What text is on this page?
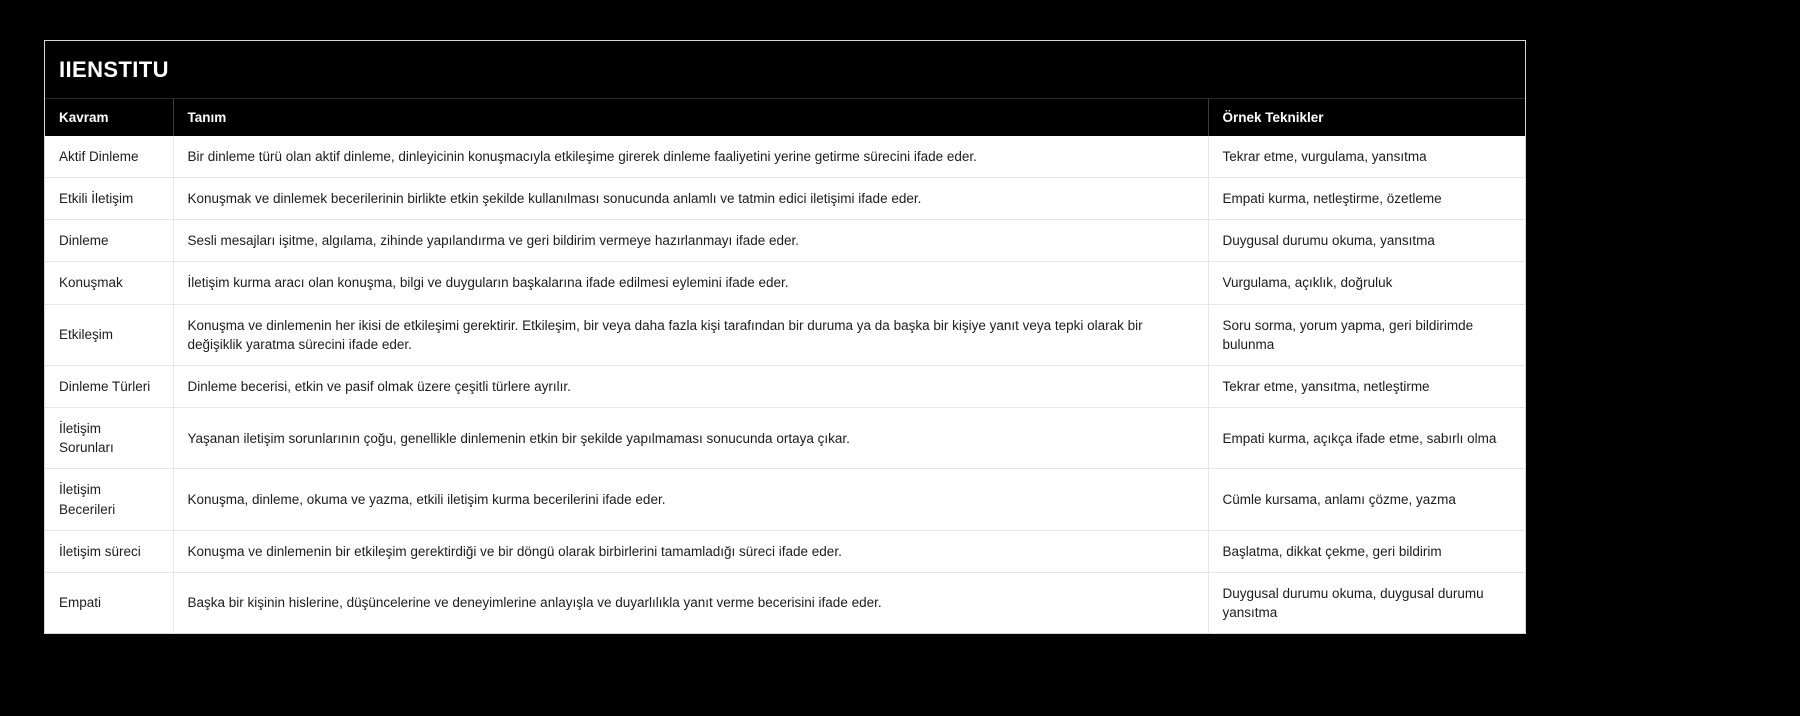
IIENSTITU
Kavram	Tanım	Örnek Teknikler
Aktif Dinleme	Bir dinleme türü olan aktif dinleme, dinleyicinin konuşmacıyla etkileşime girerek dinleme faaliyetini yerine getirme sürecini ifade eder.	Tekrar etme, vurgulama, yansıtma
Etkili İletişim	Konuşmak ve dinlemek becerilerinin birlikte etkin şekilde kullanılması sonucunda anlamlı ve tatmin edici iletişimi ifade eder.	Empati kurma, netleştirme, özetleme
Dinleme	Sesli mesajları işitme, algılama, zihinde yapılandırma ve geri bildirim vermeye hazırlanmayı ifade eder.	Duygusal durumu okuma, yansıtma
Konuşmak	İletişim kurma aracı olan konuşma, bilgi ve duyguların başkalarına ifade edilmesi eylemini ifade eder.	Vurgulama, açıklık, doğruluk
Etkileşim	Konuşma ve dinlemenin her ikisi de etkileşimi gerektirir. Etkileşim, bir veya daha fazla kişi tarafından bir duruma ya da başka bir kişiye yanıt veya tepki olarak bir değişiklik yaratma sürecini ifade eder.	Soru sorma, yorum yapma, geri bildirimde bulunma
Dinleme Türleri	Dinleme becerisi, etkin ve pasif olmak üzere çeşitli türlere ayrılır.	Tekrar etme, yansıtma, netleştirme
İletişim Sorunları	Yaşanan iletişim sorunlarının çoğu, genellikle dinlemenin etkin bir şekilde yapılmaması sonucunda ortaya çıkar.	Empati kurma, açıkça ifade etme, sabırlı olma
İletişim Becerileri	Konuşma, dinleme, okuma ve yazma, etkili iletişim kurma becerilerini ifade eder.	Cümle kursama, anlamı çözme, yazma
İletişim süreci	Konuşma ve dinlemenin bir etkileşim gerektirdiği ve bir döngü olarak birbirlerini tamamladığı süreci ifade eder.	Başlatma, dikkat çekme, geri bildirim
Empati	Başka bir kişinin hislerine, düşüncelerine ve deneyimlerine anlayışla ve duyarlılıkla yanıt verme becerisini ifade eder.	Duygusal durumu okuma, duygusal durumu yansıtma
